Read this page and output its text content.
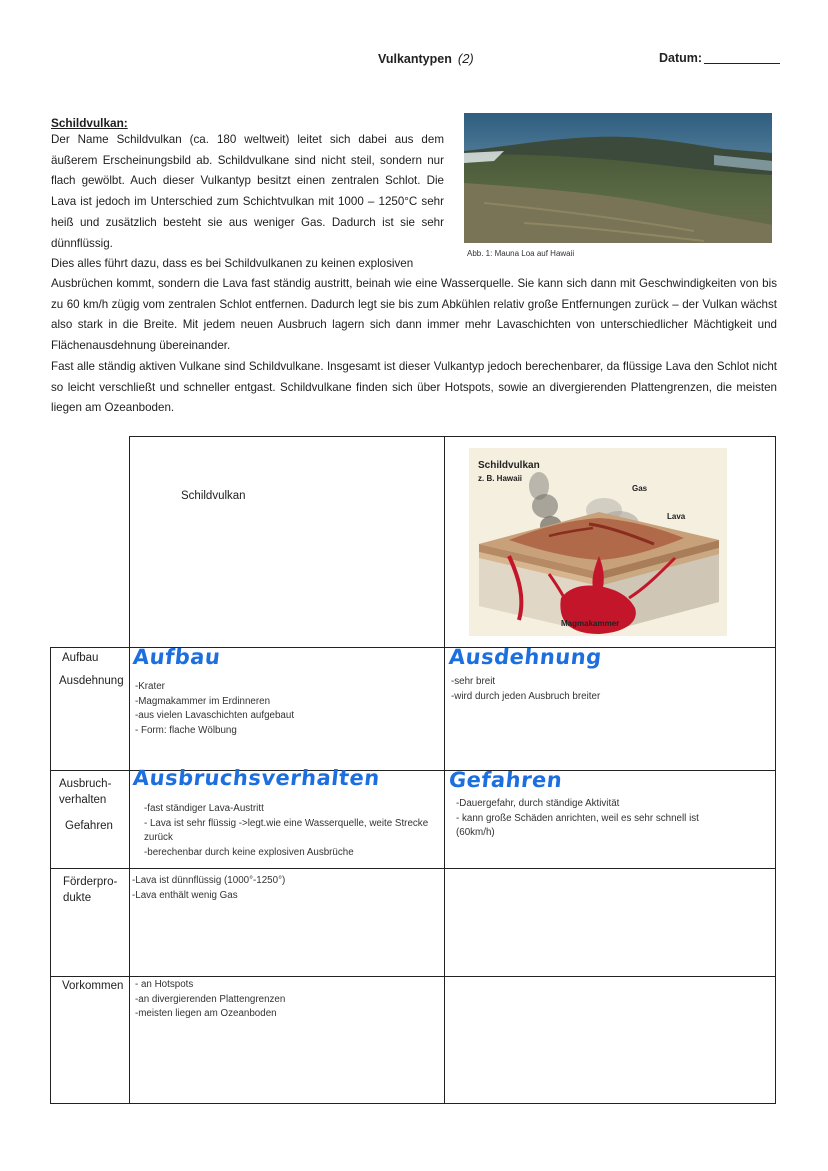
Vulkantypen (2)	Datum:
Schildvulkan:
Der Name Schildvulkan (ca. 180 weltweit) leitet sich dabei aus dem äußerem Erscheinungsbild ab. Schildvulkane sind nicht steil, sondern nur flach gewölbt. Auch dieser Vulkantyp besitzt einen zentralen Schlot. Die Lava ist jedoch im Unterschied zum Schichtvulkan mit 1000 – 1250°C sehr heiß und zusätzlich besteht sie aus weniger Gas. Dadurch ist sie sehr dünnflüssig.
Dies alles führt dazu, dass es bei Schildvulkanen zu keinen explosiven

Ausbrüchen kommt, sondern die Lava fast ständig austritt, beinah wie eine Wasserquelle. Sie kann sich dann mit Geschwindigkeiten von bis zu 60 km/h zügig vom zentralen Schlot entfernen. Dadurch legt sie bis zum Abkühlen relativ große Entfernungen zurück – der Vulkan wächst also stark in die Breite. Mit jedem neuen Ausbruch lagern sich dann immer mehr Lavaschichten von unterschiedlicher Mächtigkeit und Flächenausdehnung übereinander.

Fast alle ständig aktiven Vulkane sind Schildvulkane. Insgesamt ist dieser Vulkantyp jedoch berechenbarer, da flüssige Lava den Schlot nicht so leicht verschließt und schneller entgast. Schildvulkane finden sich über Hotspots, sowie an divergierenden Plattengrenzen, die meisten liegen am Ozeanboden.

Abb. 1: Mauna Loa auf Hawaii
Schildvulkan
Schildvulkan
z. B. Hawaii
Gas
Lava
Magmakammer
Aufbau
Ausdehnung
Aufbau
-Krater
-Magmakammer im Erdinneren
-aus vielen Lavaschichten aufgebaut
- Form: flache Wölbung
Ausdehnung
-sehr breit
-wird durch jeden Ausbruch breiter
Ausbruch-
verhalten
Gefahren
Ausbruchsverhalten
-fast ständiger Lava-Austritt
- Lava ist sehr flüssig ->legt.wie eine Wasserquelle, weite Strecke
zurück
-berechenbar durch keine explosiven Ausbrüche
Gefahren
-Dauergefahr, durch ständige Aktivität
- kann große Schäden anrichten, weil es sehr schnell ist
(60km/h)
Förderpro-
dukte
-Lava ist dünnflüssig (1000°-1250°)
-Lava enthält wenig Gas
Vorkommen - an Hotspots
-an divergierenden Plattengrenzen
-meisten liegen am Ozeanboden
